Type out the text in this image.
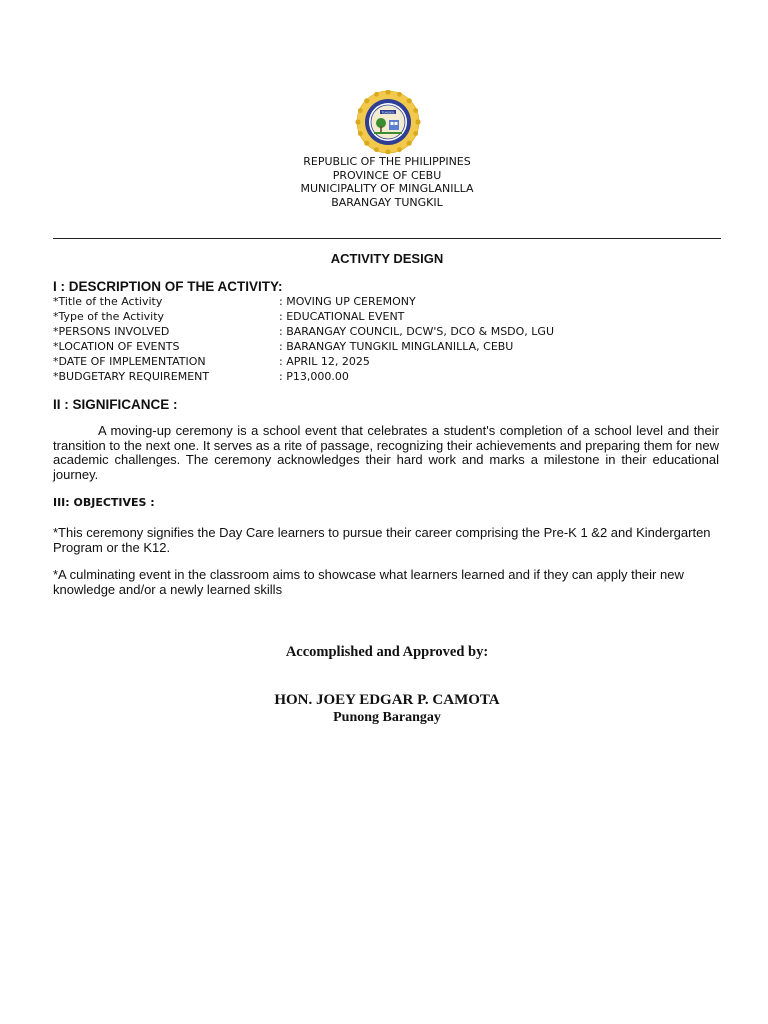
TUNGKIL
REPUBLIC OF THE PHILIPPINES
PROVINCE OF CEBU
MUNICIPALITY OF MINGLANILLA
BARANGAY TUNGKIL
ACTIVITY DESIGN
I : DESCRIPTION OF THE ACTIVITY:
*Title of the Activity	: MOVING UP CEREMONY
*Type of the Activity	: EDUCATIONAL EVENT
*PERSONS INVOLVED	: BARANGAY COUNCIL, DCW'S, DCO & MSDO, LGU
*LOCATION OF EVENTS	: BARANGAY TUNGKIL MINGLANILLA, CEBU
*DATE OF IMPLEMENTATION	: APRIL 12, 2025
*BUDGETARY REQUIREMENT	: P13,000.00
II : SIGNIFICANCE :

A moving-up ceremony is a school event that celebrates a student's completion of a school level and their transition to the next one. It serves as a rite of passage, recognizing their achievements and preparing them for new academic challenges. The ceremony acknowledges their hard work and marks a milestone in their educational journey.

III: OBJECTIVES :

*This ceremony signifies the Day Care learners to pursue their career comprising the Pre-K 1 &2 and Kindergarten Program or the K12.

*A culminating event in the classroom aims to showcase what learners learned and if they can apply their new knowledge and/or a newly learned skills

Accomplished and Approved by:
HON. JOEY EDGAR P. CAMOTA
Punong Barangay
